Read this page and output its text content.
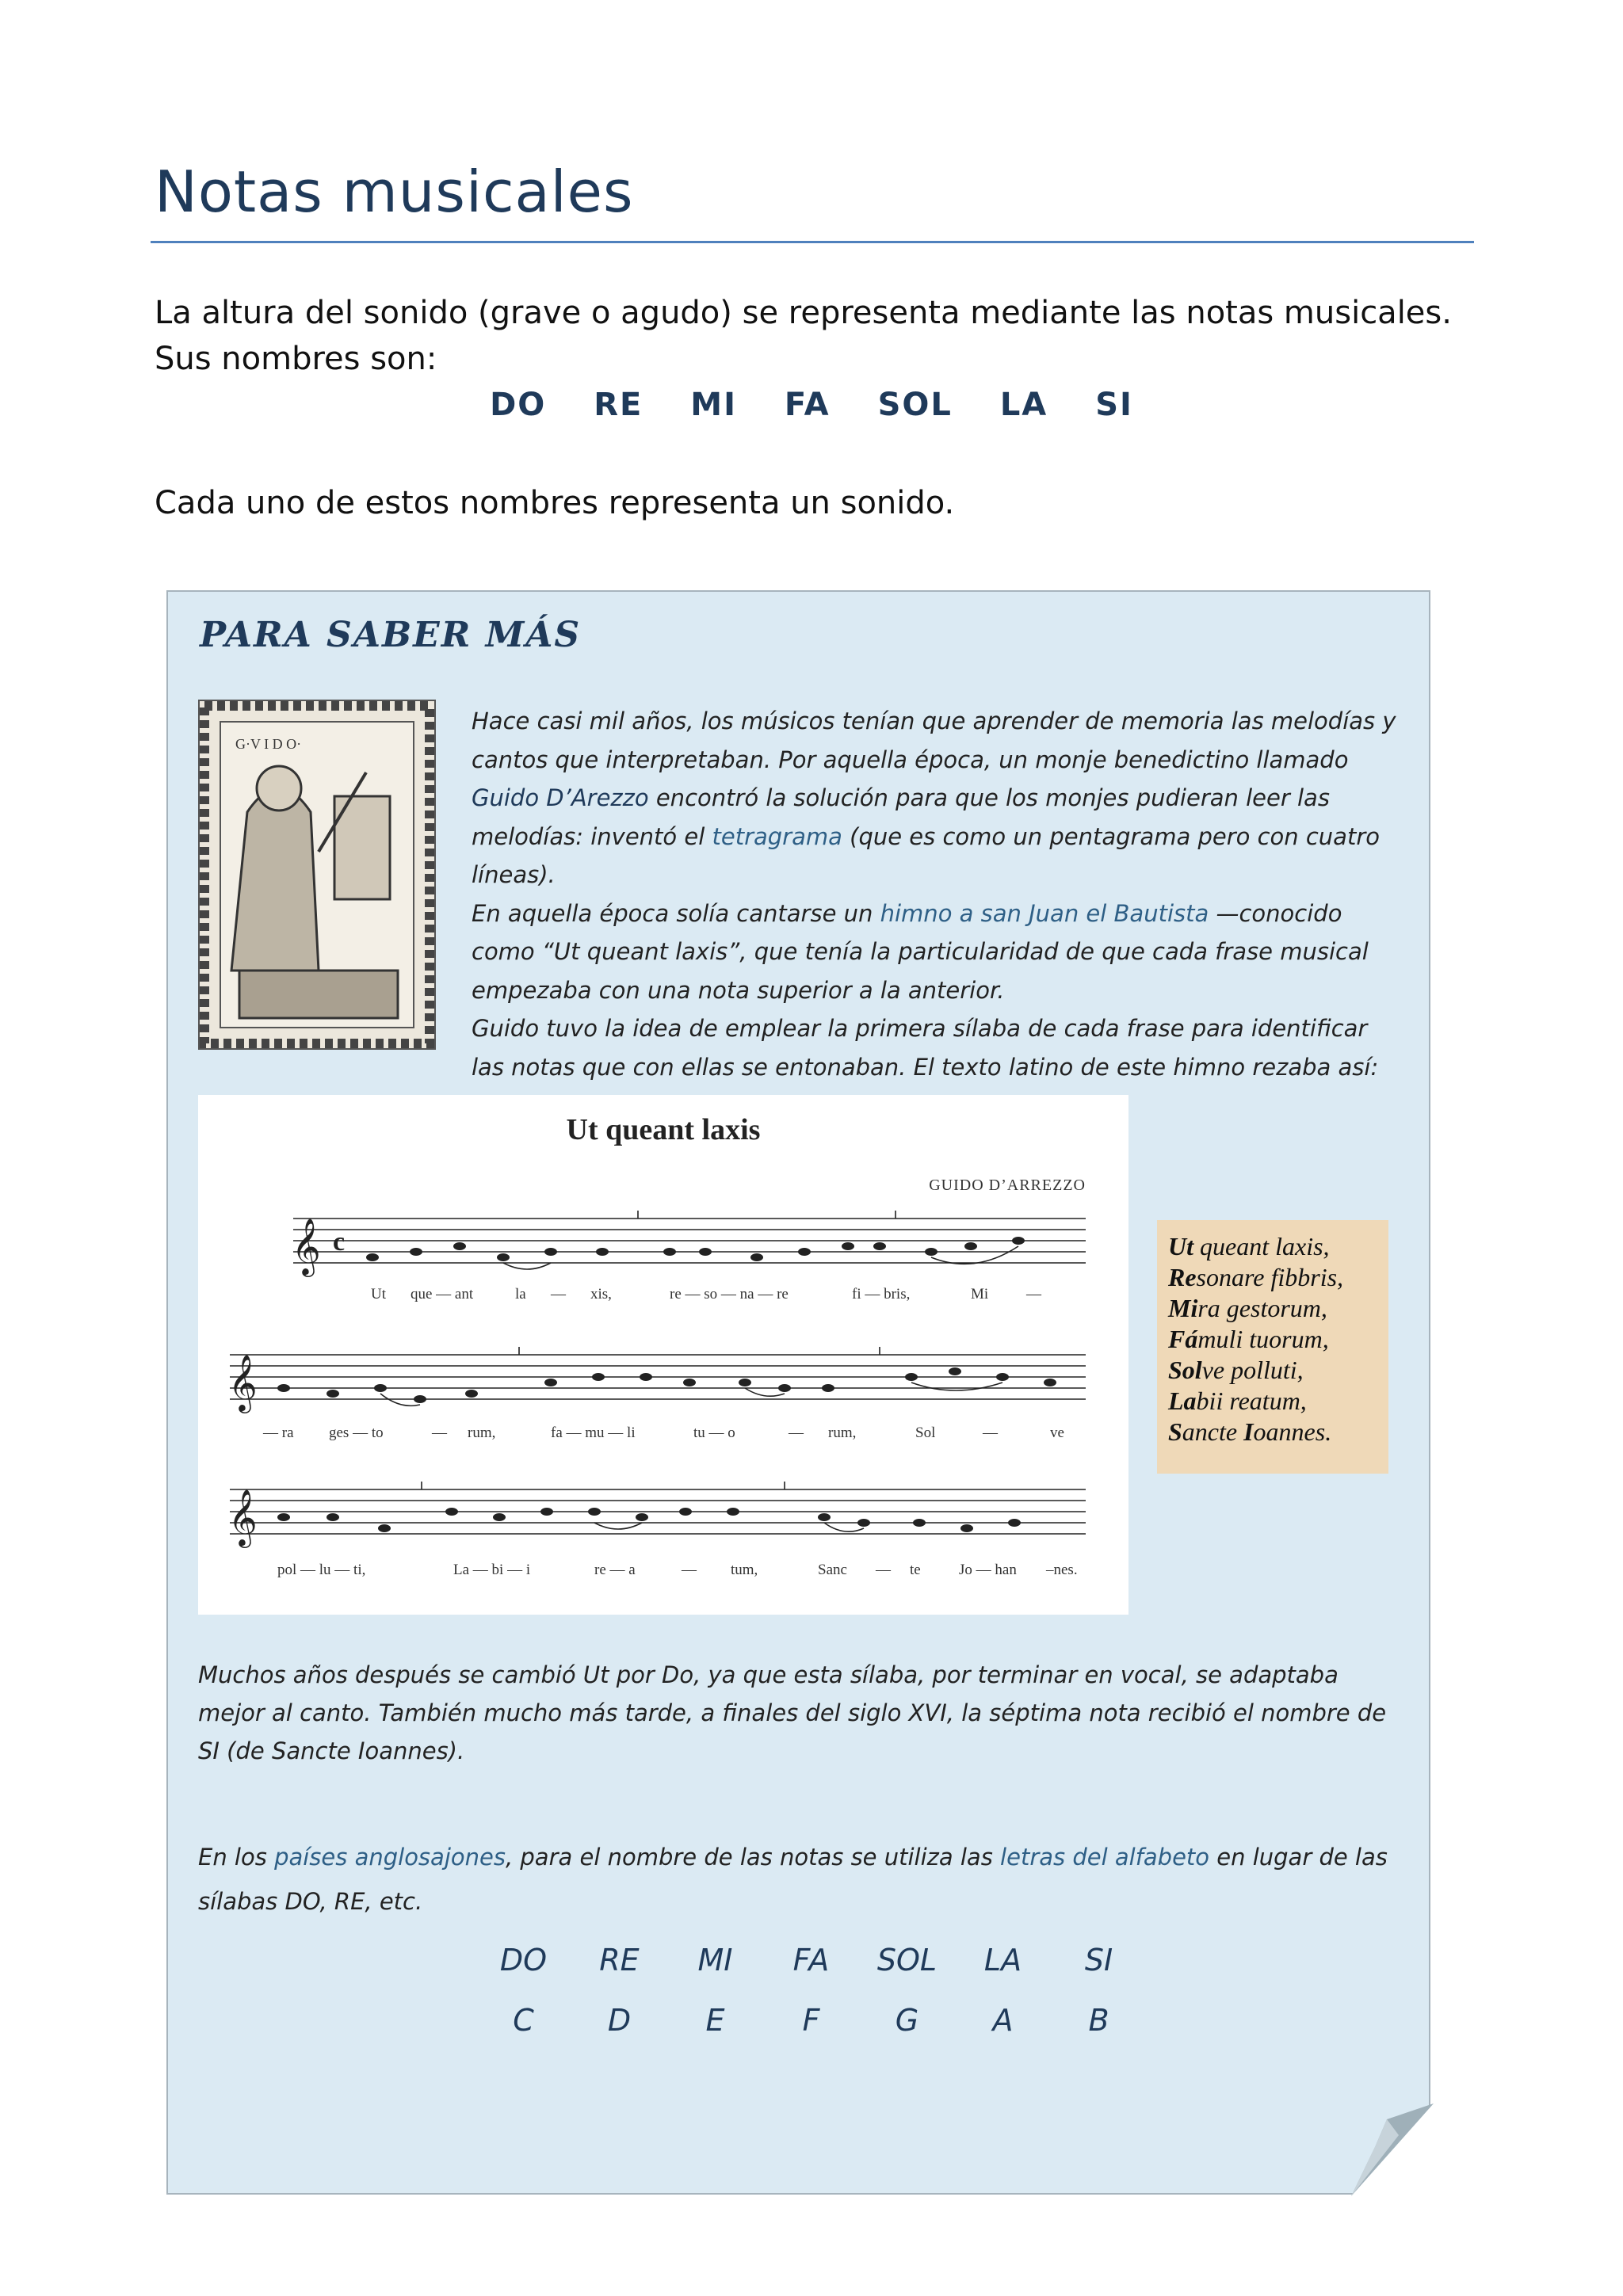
Notas musicales
La altura del sonido (grave o agudo) se representa mediante las notas musicales. Sus nombres son:
DO RE MI FA SOL LA SI
Cada uno de estos nombres representa un sonido.
PARA SABER MÁS
G·V I D O·
Hace casi mil años, los músicos tenían que aprender de memoria las melodías y cantos que interpretaban. Por aquella época, un monje benedictino llamado Guido D’Arezzo encontró la solución para que los monjes pudieran leer las melodías: inventó el tetragrama (que es como un pentagrama pero con cuatro líneas).
En aquella época solía cantarse un himno a san Juan el Bautista —conocido como “Ut queant laxis”, que tenía la particularidad de que cada frase musical empezaba con una nota superior a la anterior.
Guido tuvo la idea de emplear la primera sílaba de cada frase para identificar las notas que con ellas se entonaban. El texto latino de este himno rezaba así:
Ut queant laxis
GUIDO D’ARREZZO
𝄞 c
Ut que — ant	la — xis,	re — so — na — re	fi — bris,	Mi	—
𝄞
— ra ges — to	— rum,	fa — mu — li	tu — o	— rum,	Sol	—	ve
𝄞
pol — lu — ti,	La — bi — i	re — a	— tum,	Sanc — te	Jo — han –nes.
Ut queant laxis,
Resonare fibbris,
Mira gestorum,
Fámuli tuorum,
Solve polluti,
Labii reatum,
Sancte Ioannes.
Muchos años después se cambió Ut por Do, ya que esta sílaba, por terminar en vocal, se adaptaba mejor al canto. También mucho más tarde, a finales del siglo XVI, la séptima nota recibió el nombre de SI (de Sancte Ioannes).
En los países anglosajones, para el nombre de las notas se utiliza las letras del alfabeto en lugar de las sílabas DO, RE, etc.
DO	RE	MI	FA	SOL	LA	SI
C	D	E	F	G	A	B
